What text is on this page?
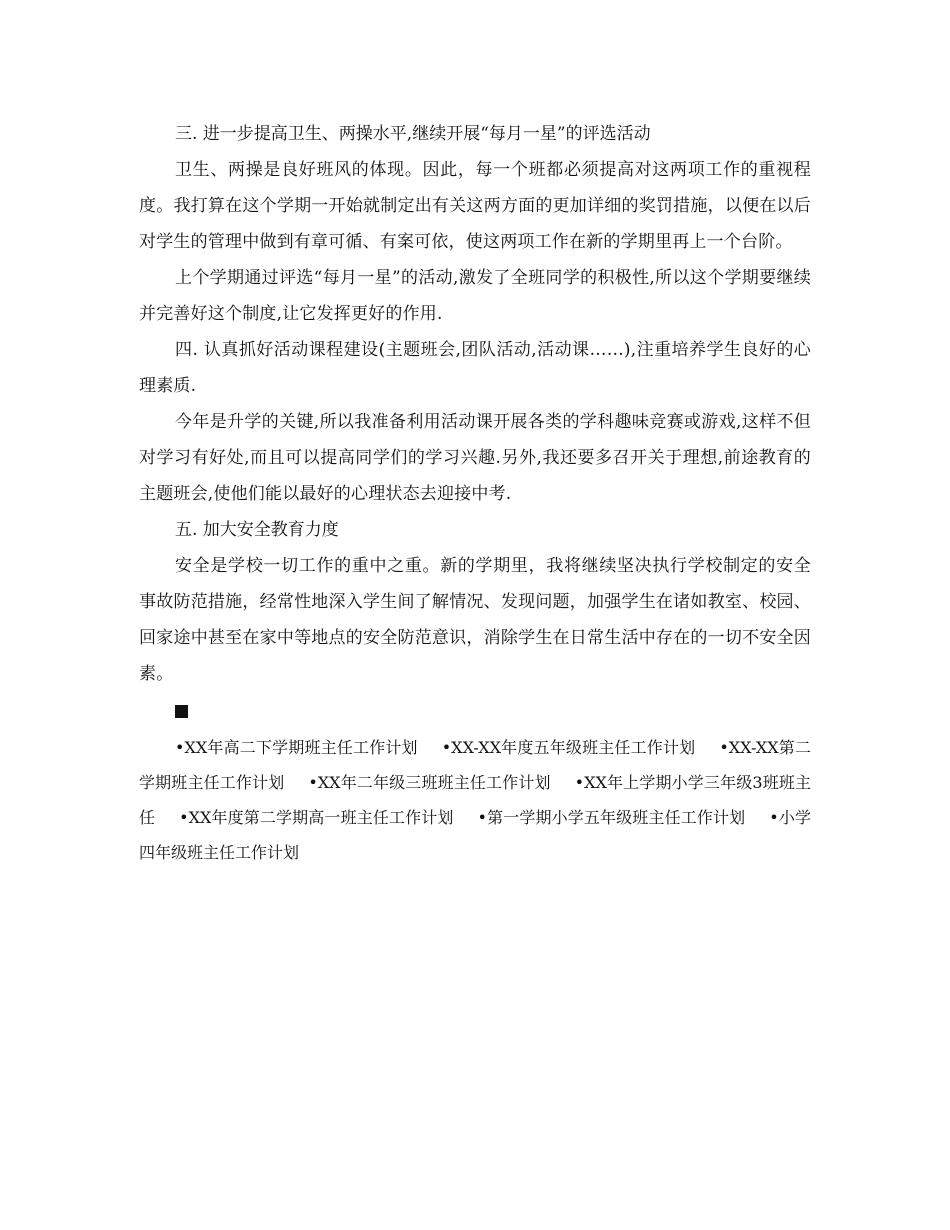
三. 进一步提高卫生、两操水平,继续开展“每月一星”的评选活动

卫生、两操是良好班风的体现。因此，每一个班都必须提高对这两项工作的重视程度。我打算在这个学期一开始就制定出有关这两方面的更加详细的奖罚措施，以便在以后对学生的管理中做到有章可循、有案可依，使这两项工作在新的学期里再上一个台阶。

上个学期通过评选“每月一星”的活动,激发了全班同学的积极性,所以这个学期要继续并完善好这个制度,让它发挥更好的作用.

四. 认真抓好活动课程建设(主题班会,团队活动,活动课……),注重培养学生良好的心理素质.

今年是升学的关键,所以我准备利用活动课开展各类的学科趣味竞赛或游戏,这样不但对学习有好处,而且可以提高同学们的学习兴趣.另外,我还要多召开关于理想,前途教育的主题班会,使他们能以最好的心理状态去迎接中考.

五. 加大安全教育力度

安全是学校一切工作的重中之重。新的学期里，我将继续坚决执行学校制定的安全事故防范措施，经常性地深入学生间了解情况、发现问题，加强学生在诸如教室、校园、回家途中甚至在家中等地点的安全防范意识，消除学生在日常生活中存在的一切不安全因素。

•XX年高二下学期班主任工作计划 •XX-XX年度五年级班主任工作计划 •XX-XX第二学期班主任工作计划 •XX年二年级三班班主任工作计划 •XX年上学期小学三年级3班班主任 •XX年度第二学期高一班主任工作计划 •第一学期小学五年级班主任工作计划 •小学四年级班主任工作计划
